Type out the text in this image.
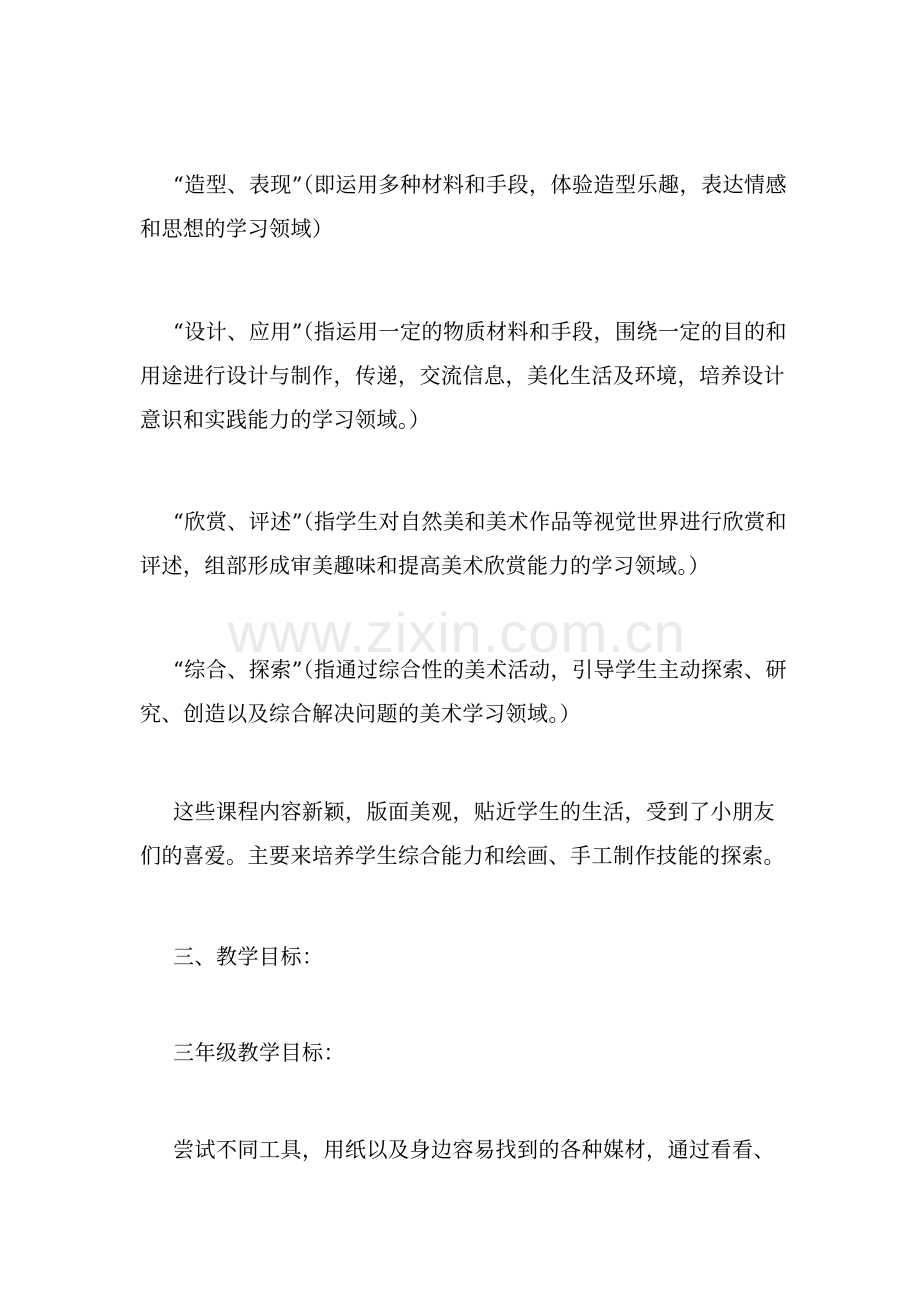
“造型、表现”（即运用多种材料和手段，体验造型乐趣，表达情感和思想的学习领域）

“设计、应用”（指运用一定的物质材料和手段，围绕一定的目的和用途进行设计与制作，传递，交流信息，美化生活及环境，培养设计意识和实践能力的学习领域。）

“欣赏、评述”（指学生对自然美和美术作品等视觉世界进行欣赏和评述，组部形成审美趣味和提高美术欣赏能力的学习领域。）

“综合、探索”（指通过综合性的美术活动，引导学生主动探索、研究、创造以及综合解决问题的美术学习领域。）

这些课程内容新颖，版面美观，贴近学生的生活，受到了小朋友们的喜爱。主要来培养学生综合能力和绘画、手工制作技能的探索。

三、教学目标：

三年级教学目标：

尝试不同工具，用纸以及身边容易找到的各种媒材，通过看看、

www.zixin.com.cn
